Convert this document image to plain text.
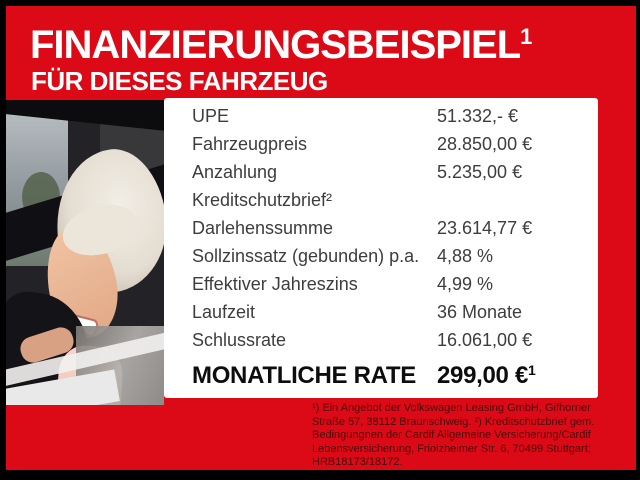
FINANZIERUNGSBEISPIEL$^1$
FÜR DIESES FAHRZEUG
UPE	51.332,- €
Fahrzeugpreis	28.850,00 €
Anzahlung	5.235,00 €
Kreditschutzbrief²
Darlehenssumme	23.614,77 €
Sollzinssatz (gebunden) p.a. 4,88 %
Effektiver Jahreszins	4,99 %
Laufzeit	36 Monate
Schlussrate	16.061,00 €
MONATLICHE RATE 299,00 €$^1$

¹) Ein Angebot der Volkswagen Leasing GmbH, Gifhorner Straße 57, 38112 Braunschweig. ²) Kreditschutzbrief gem. Bedingungnen der Cardif Allgemeine Versicherung/Cardif Lebensversicherung, Friolzheimer Str. 6, 70499 Stuttgart; HRB18173/18172.
